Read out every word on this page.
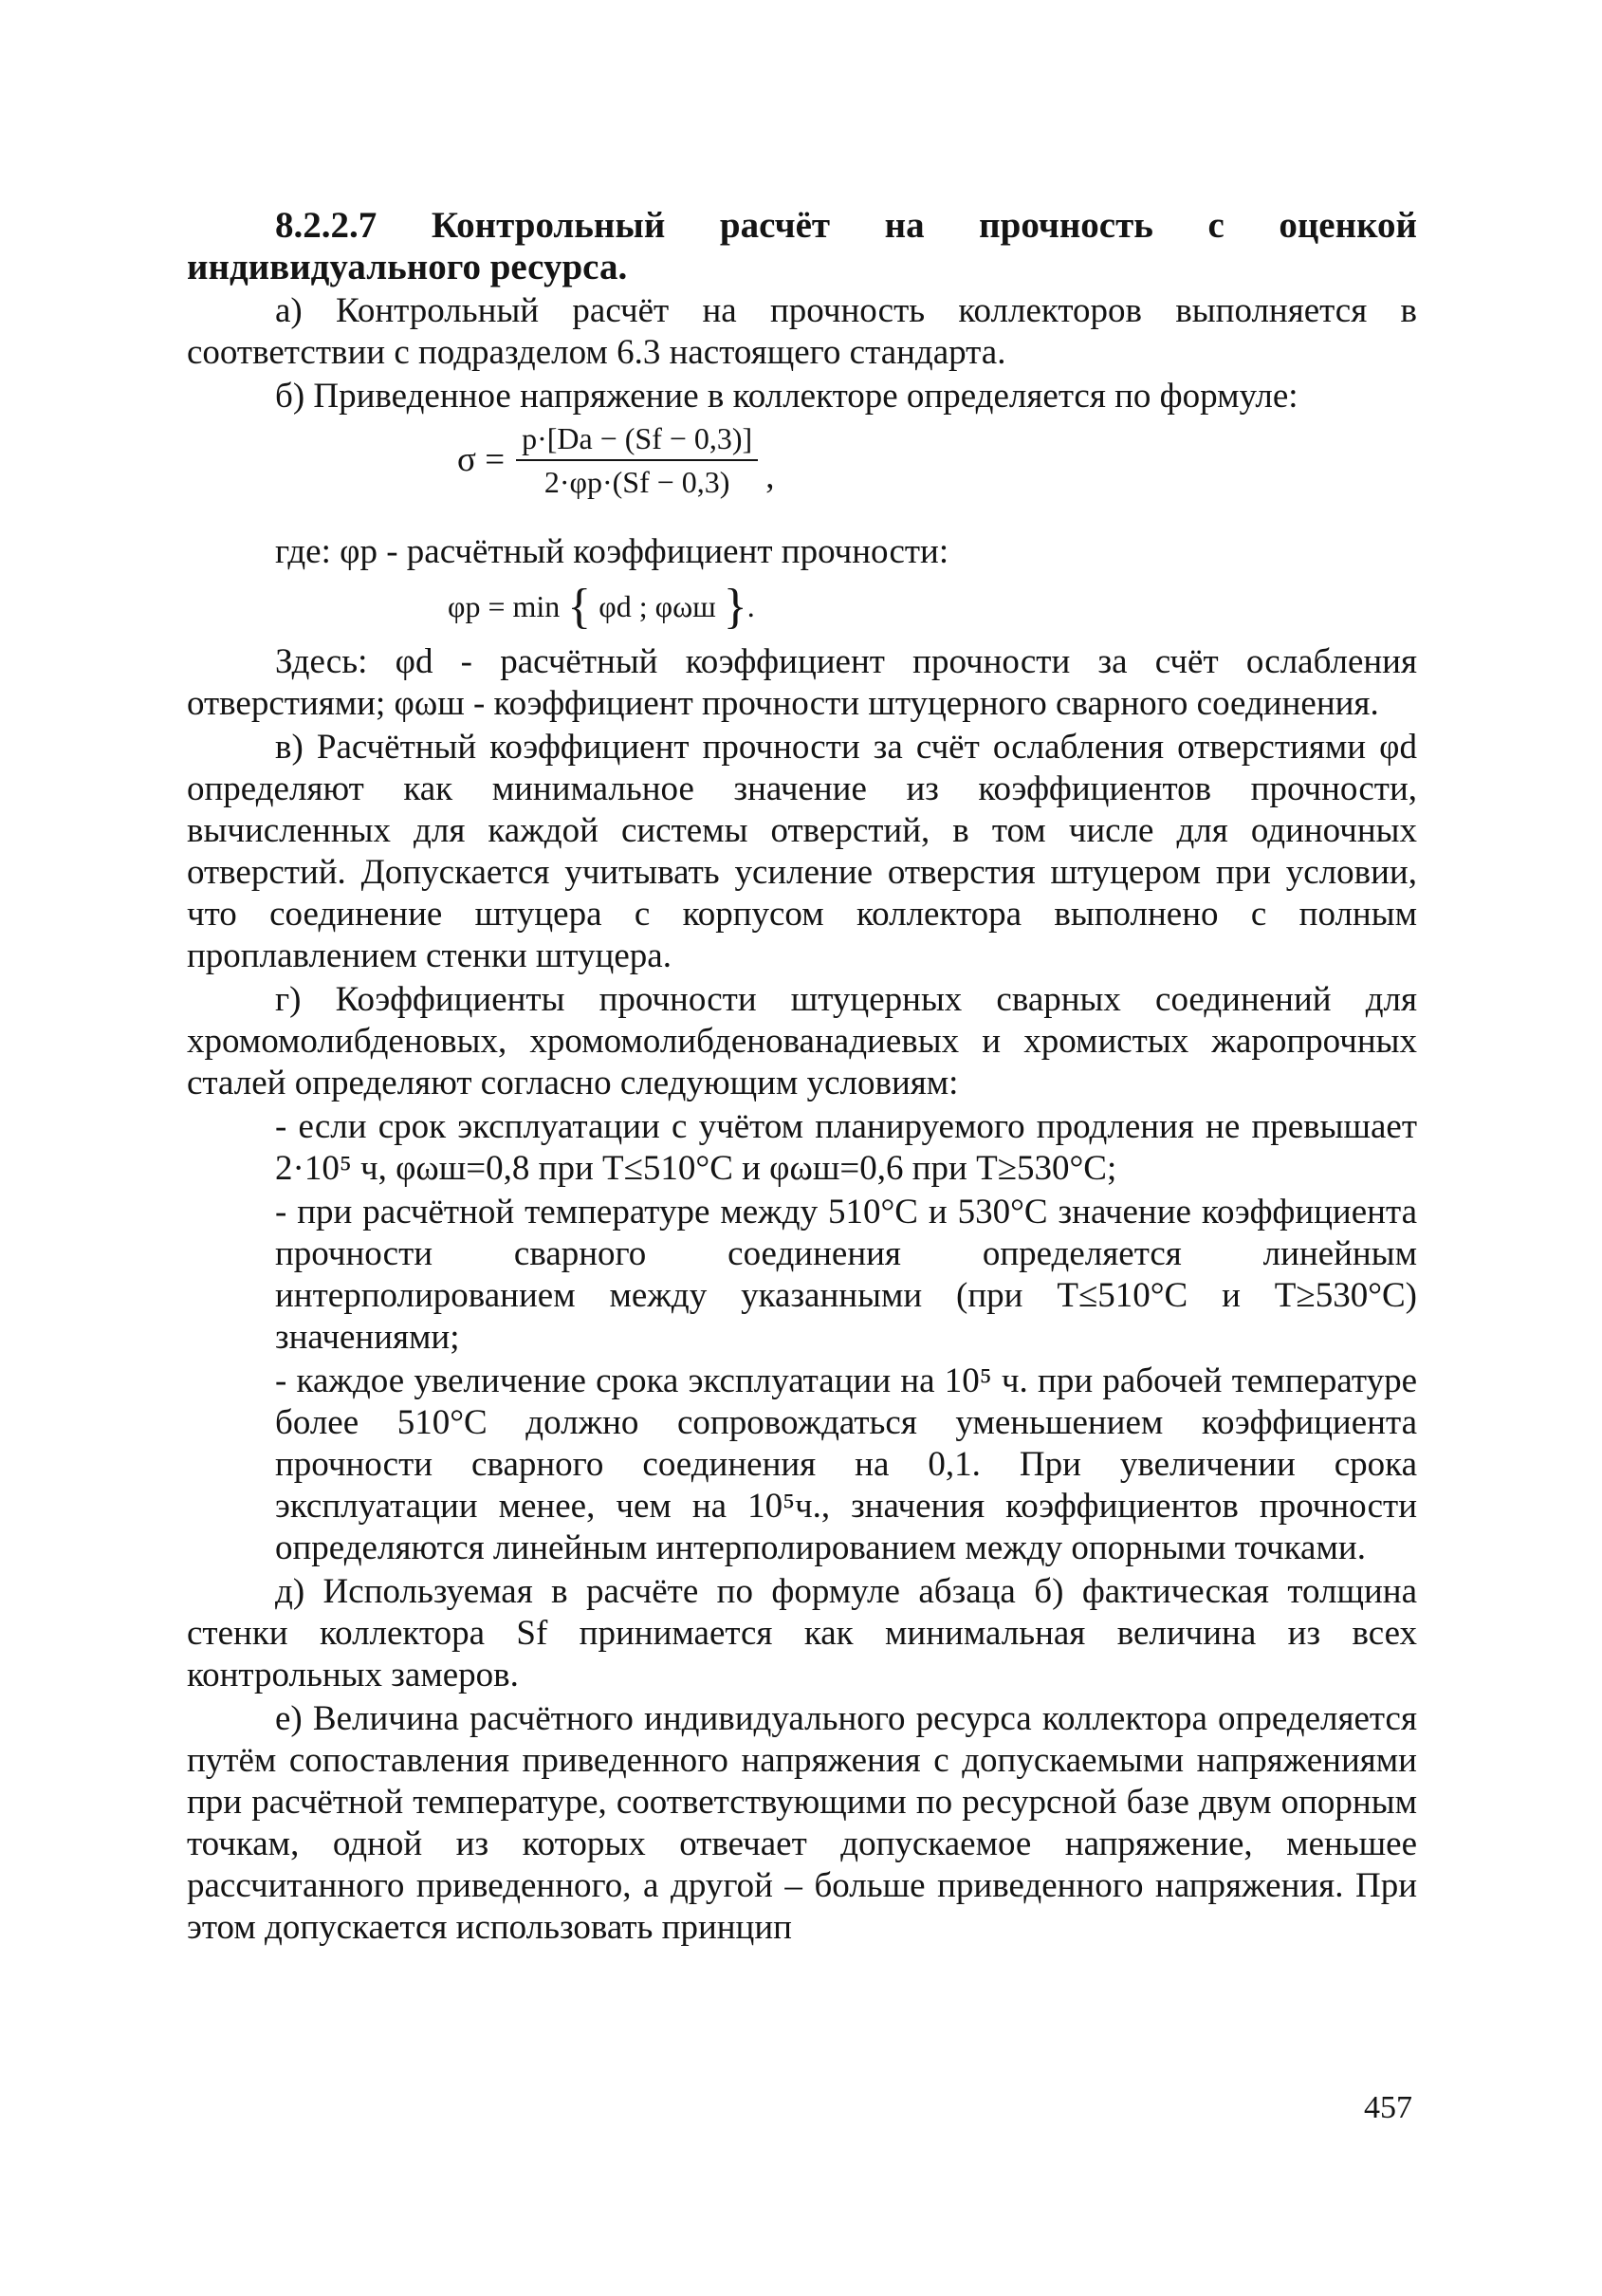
8.2.2.7 Контрольный расчёт на прочность с оценкой индивидуального ресурса.

а) Контрольный расчёт на прочность коллекторов выполняется в соответствии с подразделом 6.3 настоящего стандарта.

б) Приведенное напряжение в коллекторе определяется по формуле:

$\sigma = \frac{p\cdot[Da - (Sf - 0,3)]}{2\cdot\varphi p\cdot(Sf - 0,3)}$ ,

где: φp - расчётный коэффициент прочности:

φp = min { φd ; φωш }.

Здесь: φd - расчётный коэффициент прочности за счёт ослабления отверстиями; φωш - коэффициент прочности штуцерного сварного соединения.

в) Расчётный коэффициент прочности за счёт ослабления отверстиями φd определяют как минимальное значение из коэффициентов прочности, вычисленных для каждой системы отверстий, в том числе для одиночных отверстий. Допускается учитывать усиление отверстия штуцером при условии, что соединение штуцера с корпусом коллектора выполнено с полным проплавлением стенки штуцера.

г) Коэффициенты прочности штуцерных сварных соединений для хромомолибденовых, хромомолибденованадиевых и хромистых жаропрочных сталей определяют согласно следующим условиям:

- если срок эксплуатации с учётом планируемого продления не превышает 2·10⁵ ч, φωш=0,8 при T≤510°C и φωш=0,6 при T≥530°C;

- при расчётной температуре между 510°C и 530°C значение коэффициента прочности сварного соединения определяется линейным интерполированием между указанными (при T≤510°C и T≥530°C) значениями;

- каждое увеличение срока эксплуатации на 10⁵ ч. при рабочей температуре более 510°C должно сопровождаться уменьшением коэффициента прочности сварного соединения на 0,1. При увеличении срока эксплуатации менее, чем на 10⁵ч., значения коэффициентов прочности определяются линейным интерполированием между опорными точками.

д) Используемая в расчёте по формуле абзаца б) фактическая толщина стенки коллектора Sf принимается как минимальная величина из всех контрольных замеров.

е) Величина расчётного индивидуального ресурса коллектора определяется путём сопоставления приведенного напряжения с допускаемыми напряжениями при расчётной температуре, соответствующими по ресурсной базе двум опорным точкам, одной из которых отвечает допускаемое напряжение, меньшее рассчитанного приведенного, а другой – больше приведенного напряжения. При этом допускается использовать принцип

457
